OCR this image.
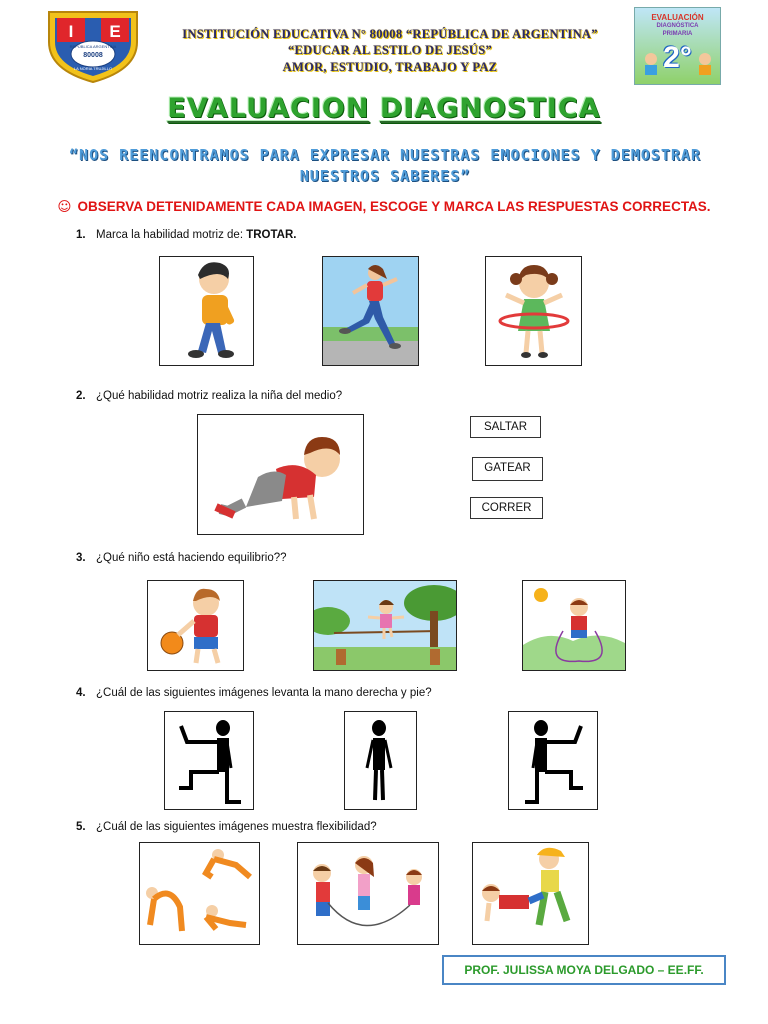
I E
REPÚBLICA ARGENTINA
80008
LA NORIA TRUJILLO
INSTITUCIÓN EDUCATIVA N° 80008 “REPÚBLICA DE ARGENTINA”
“EDUCAR AL ESTILO DE JESÚS”
AMOR, ESTUDIO, TRABAJO Y PAZ
EVALUACIÓN
DIAGNÓSTICA
PRIMARIA
2°
EVALUACION DIAGNOSTICA
“NOS REENCONTRAMOS PARA EXPRESAR NUESTRAS EMOCIONES Y DEMOSTRAR NUESTROS SABERES”
☺ OBSERVA DETENIDAMENTE CADA IMAGEN, ESCOGE Y MARCA LAS RESPUESTAS CORRECTAS.
1. Marca la habilidad motriz de: TROTAR.
2. ¿Qué habilidad motriz realiza la niña del medio?
SALTAR
GATEAR
CORRER
3. ¿Qué niño está haciendo equilibrio??
4. ¿Cuál de las siguientes imágenes levanta la mano derecha y pie?
5. ¿Cuál de las siguientes imágenes muestra flexibilidad?
PROF. JULISSA MOYA DELGADO – EE.FF.
